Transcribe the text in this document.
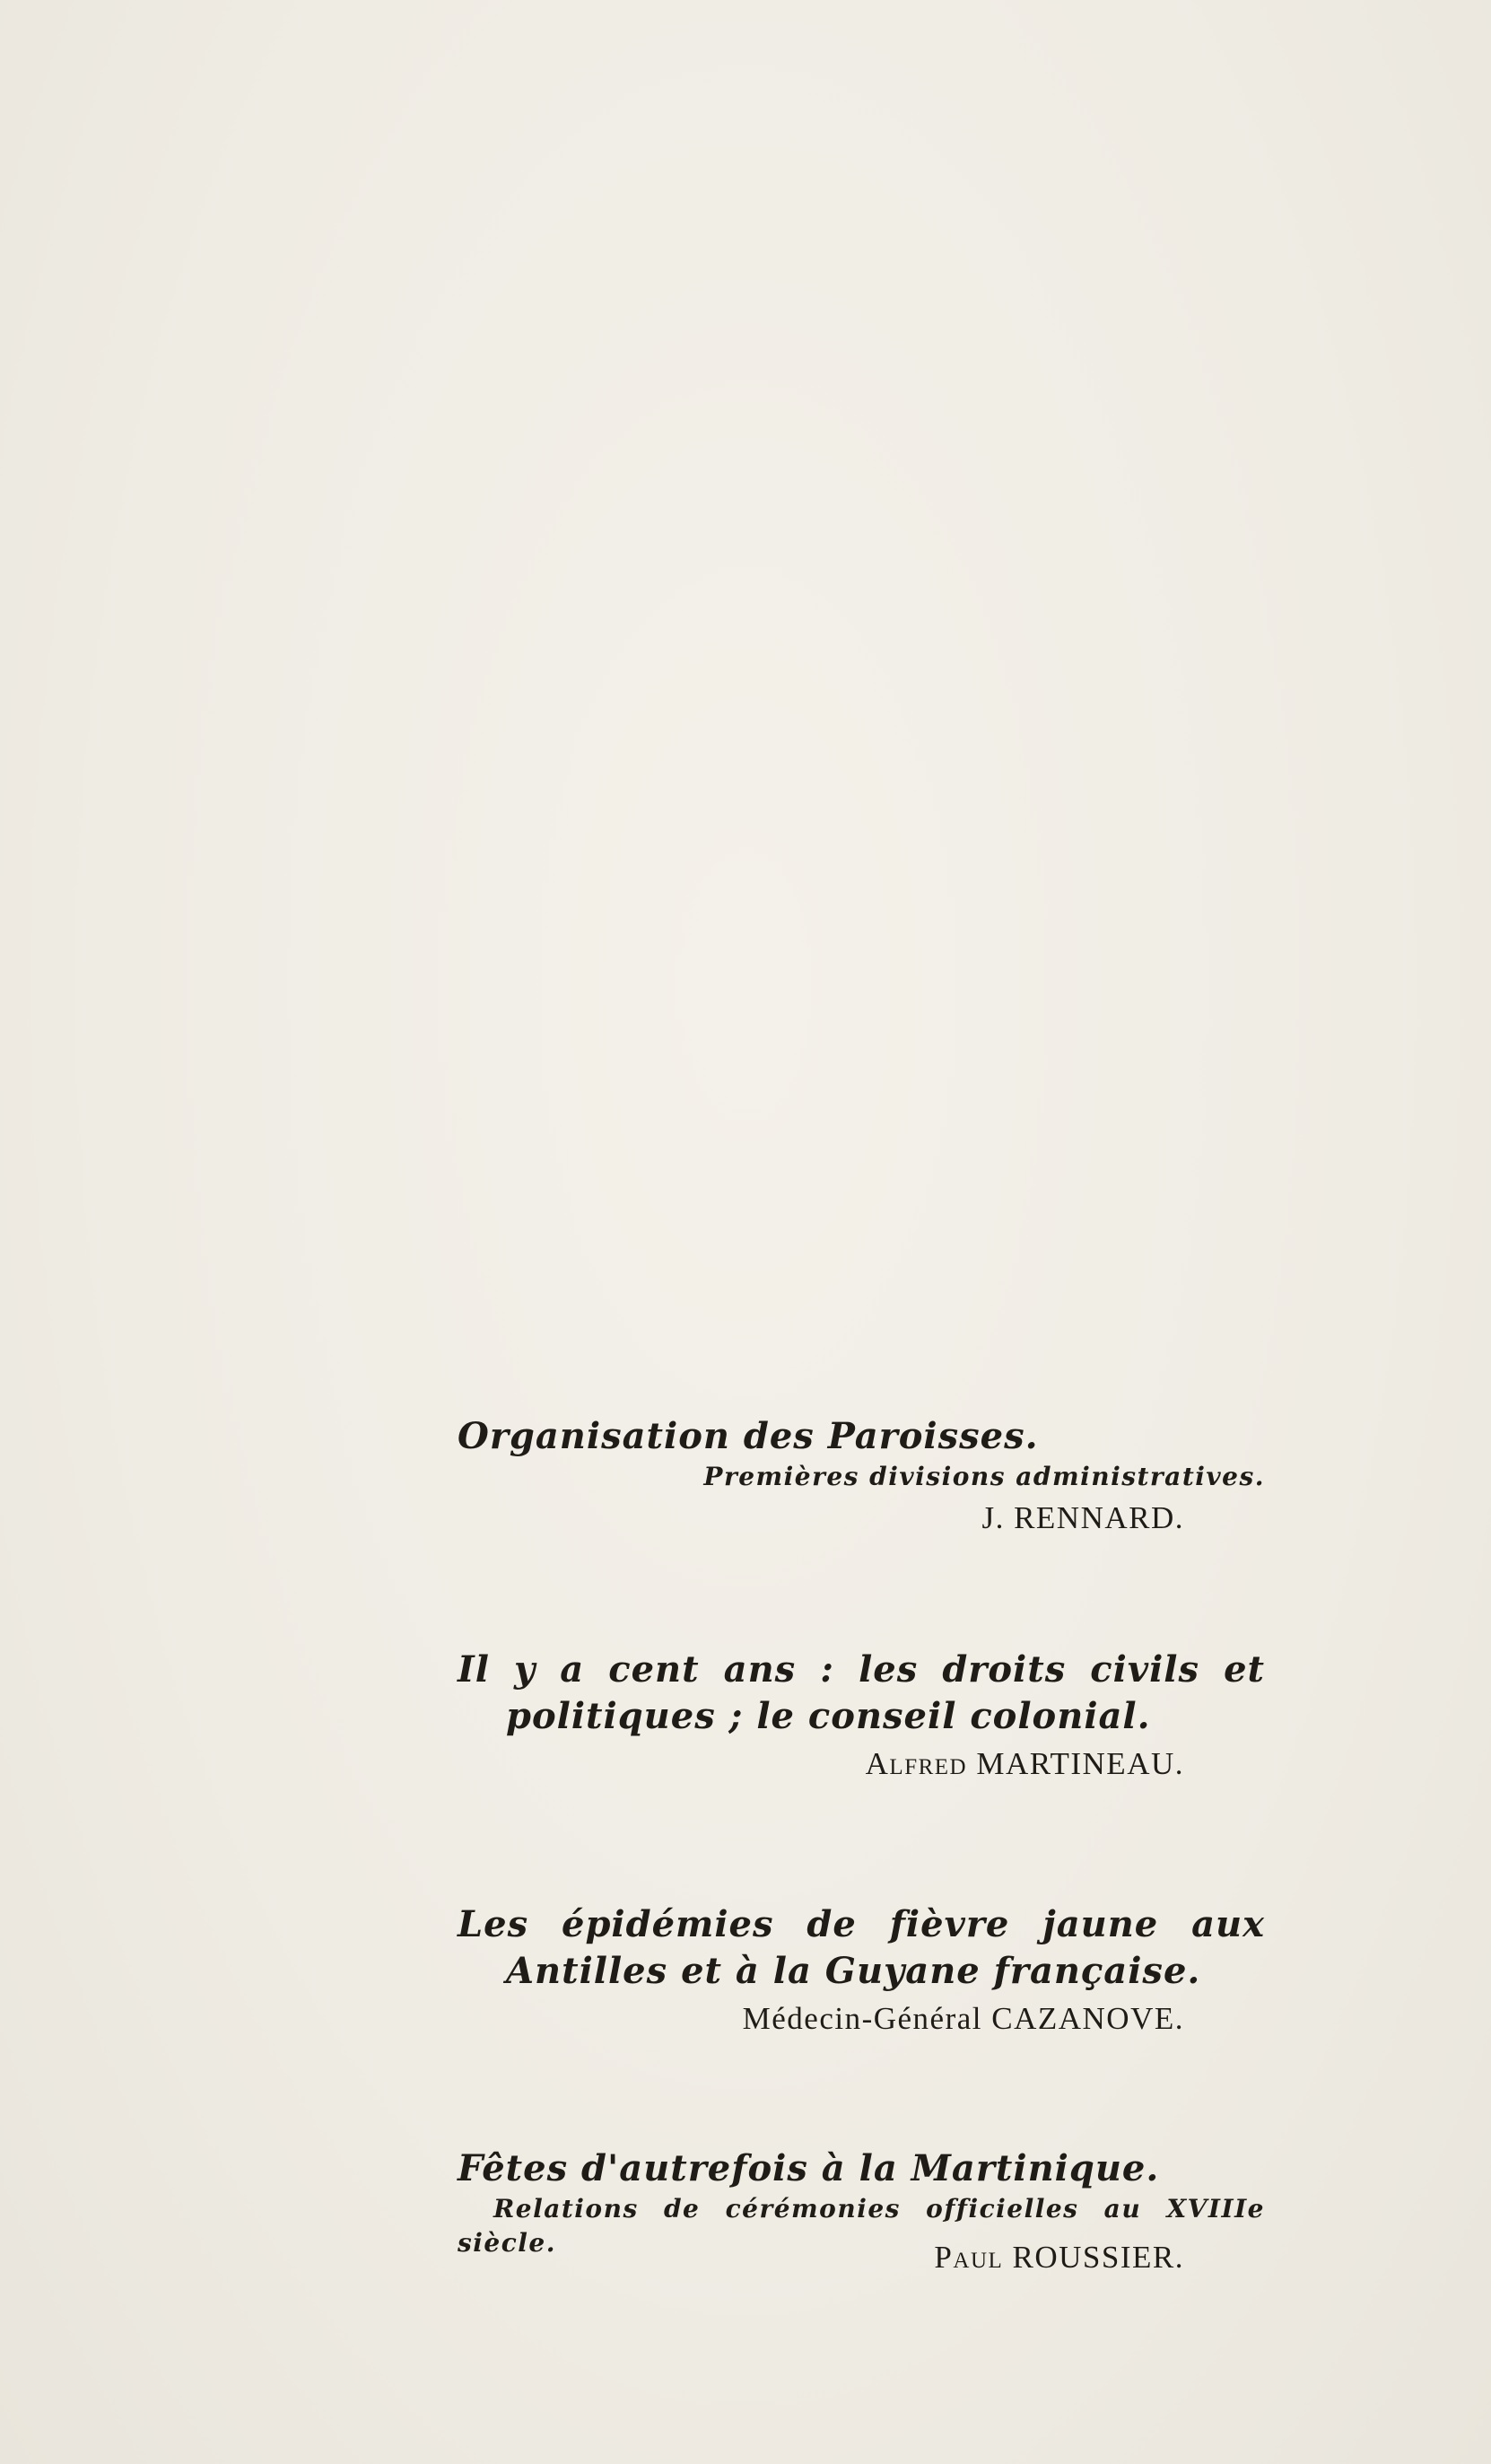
Organisation des Paroisses.

Premières divisions administratives.

J. RENNARD.

Il y a cent ans : les droits civils et

politiques ; le conseil colonial.

Alfred MARTINEAU.

Les épidémies de fièvre jaune aux

Antilles et à la Guyane française.

Médecin-Général CAZANOVE.

Fêtes d'autrefois à la Martinique.

Relations de cérémonies officielles au XVIIIe

siècle.	Paul ROUSSIER.
